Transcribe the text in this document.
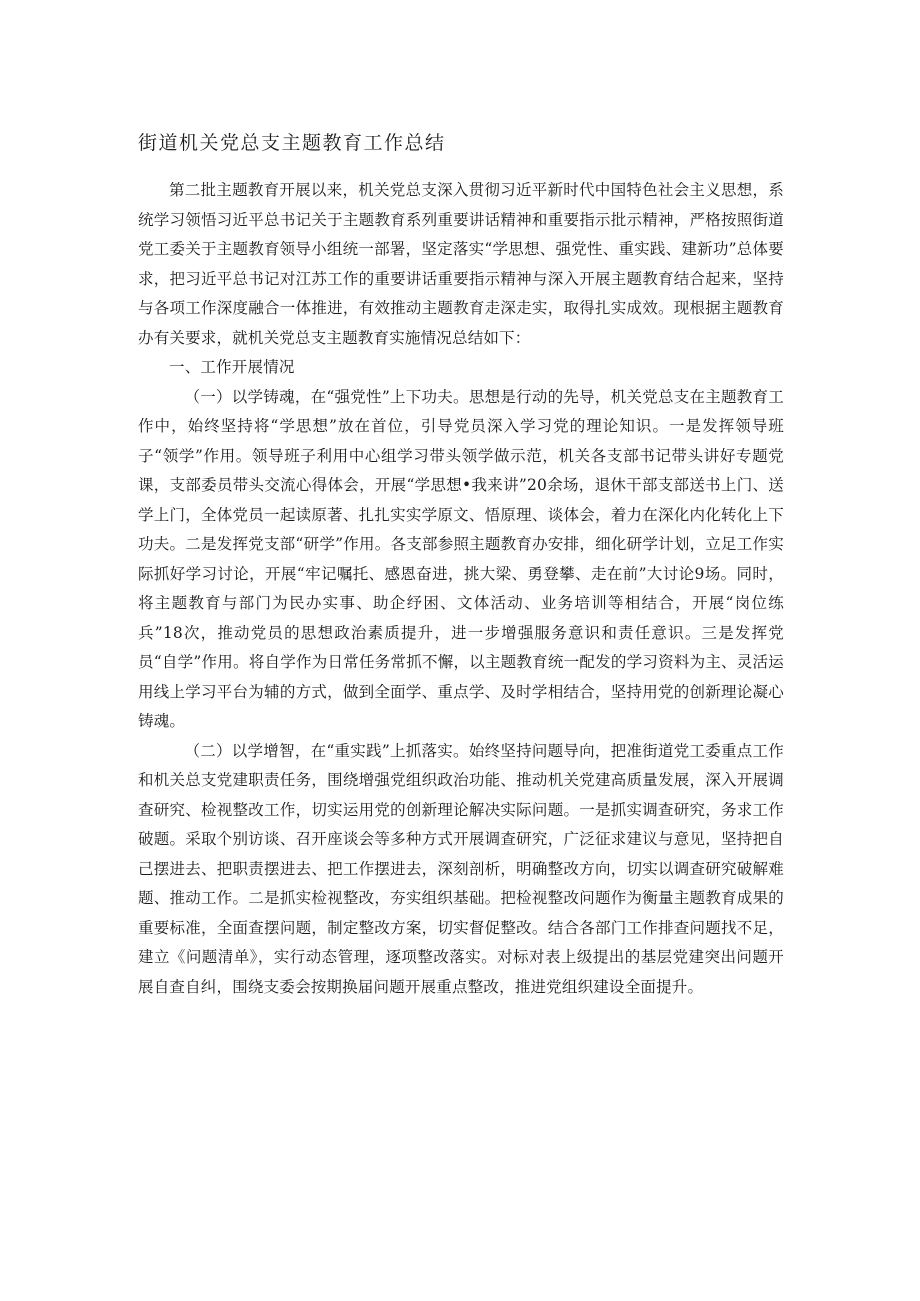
街道机关党总支主题教育工作总结

第二批主题教育开展以来，机关党总支深入贯彻习近平新时代中国特色社会主义思想，系统学习领悟习近平总书记关于主题教育系列重要讲话精神和重要指示批示精神，严格按照街道党工委关于主题教育领导小组统一部署，坚定落实“学思想、强党性、重实践、建新功”总体要求，把习近平总书记对江苏工作的重要讲话重要指示精神与深入开展主题教育结合起来，坚持与各项工作深度融合一体推进，有效推动主题教育走深走实，取得扎实成效。现根据主题教育办有关要求，就机关党总支主题教育实施情况总结如下：

一、工作开展情况

（一）以学铸魂，在“强党性”上下功夫。思想是行动的先导，机关党总支在主题教育工作中，始终坚持将“学思想”放在首位，引导党员深入学习党的理论知识。一是发挥领导班子“领学”作用。领导班子利用中心组学习带头领学做示范，机关各支部书记带头讲好专题党课，支部委员带头交流心得体会，开展“学思想•我来讲”20余场，退休干部支部送书上门、送学上门，全体党员一起读原著、扎扎实实学原文、悟原理、谈体会，着力在深化内化转化上下功夫。二是发挥党支部“研学”作用。各支部参照主题教育办安排，细化研学计划，立足工作实际抓好学习讨论，开展“牢记嘱托、感恩奋进，挑大梁、勇登攀、走在前”大讨论9场。同时，将主题教育与部门为民办实事、助企纾困、文体活动、业务培训等相结合，开展“岗位练兵”18次，推动党员的思想政治素质提升，进一步增强服务意识和责任意识。三是发挥党员“自学”作用。将自学作为日常任务常抓不懈，以主题教育统一配发的学习资料为主、灵活运用线上学习平台为辅的方式，做到全面学、重点学、及时学相结合，坚持用党的创新理论凝心铸魂。

（二）以学增智，在“重实践”上抓落实。始终坚持问题导向，把准街道党工委重点工作和机关总支党建职责任务，围绕增强党组织政治功能、推动机关党建高质量发展，深入开展调查研究、检视整改工作，切实运用党的创新理论解决实际问题。一是抓实调查研究，务求工作破题。采取个别访谈、召开座谈会等多种方式开展调查研究，广泛征求建议与意见，坚持把自己摆进去、把职责摆进去、把工作摆进去，深刻剖析，明确整改方向，切实以调查研究破解难题、推动工作。二是抓实检视整改，夯实组织基础。把检视整改问题作为衡量主题教育成果的重要标准，全面查摆问题，制定整改方案，切实督促整改。结合各部门工作排查问题找不足，建立《问题清单》，实行动态管理，逐项整改落实。对标对表上级提出的基层党建突出问题开展自查自纠，围绕支委会按期换届问题开展重点整改，推进党组织建设全面提升。
